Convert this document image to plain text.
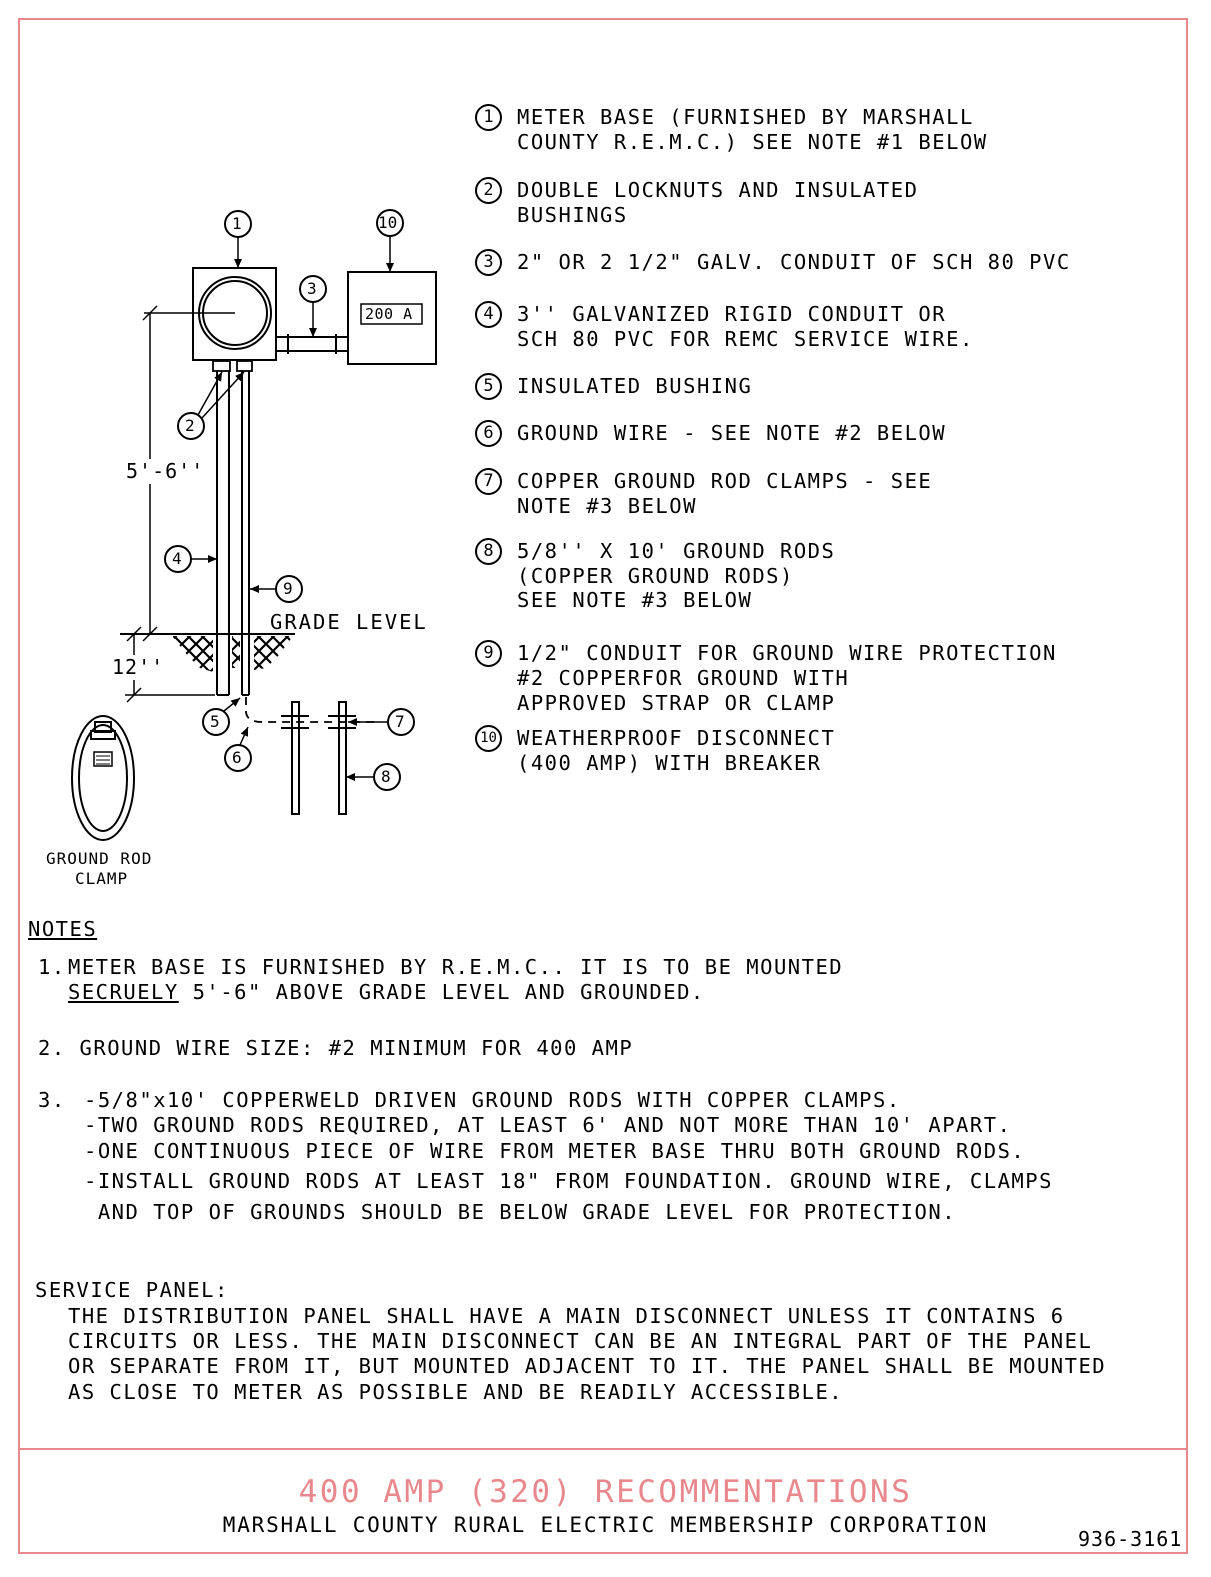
1	10
3
2
4
9
5
6
7
8
200 A
5'-6''
12''
GRADE LEVEL
GROUND ROD
CLAMP
1	METER BASE (FURNISHED BY MARSHALL
COUNTY R.E.M.C.) SEE NOTE #1 BELOW
2	DOUBLE LOCKNUTS AND INSULATED
BUSHINGS
3	2" OR 2 1/2" GALV. CONDUIT OF SCH 80 PVC
4	3'' GALVANIZED RIGID CONDUIT OR
SCH 80 PVC FOR REMC SERVICE WIRE.
5	INSULATED BUSHING
6	GROUND WIRE - SEE NOTE #2 BELOW
7	COPPER GROUND ROD CLAMPS - SEE
NOTE #3 BELOW
8	5/8'' X 10' GROUND RODS
(COPPER GROUND RODS)
SEE NOTE #3 BELOW
9	1/2" CONDUIT FOR GROUND WIRE PROTECTION
#2 COPPERFOR GROUND WITH
APPROVED STRAP OR CLAMP
10 WEATHERPROOF DISCONNECT
(400 AMP) WITH BREAKER
NOTES
1. METER BASE IS FURNISHED BY R.E.M.C.. IT IS TO BE MOUNTED
SECRUELY 5'-6" ABOVE GRADE LEVEL AND GROUNDED.
2. GROUND WIRE SIZE: #2 MINIMUM FOR 400 AMP
3. -5/8"x10' COPPERWELD DRIVEN GROUND RODS WITH COPPER CLAMPS.
-TWO GROUND RODS REQUIRED, AT LEAST 6' AND NOT MORE THAN 10' APART.
-ONE CONTINUOUS PIECE OF WIRE FROM METER BASE THRU BOTH GROUND RODS.
-INSTALL GROUND RODS AT LEAST 18" FROM FOUNDATION. GROUND WIRE, CLAMPS
AND TOP OF GROUNDS SHOULD BE BELOW GRADE LEVEL FOR PROTECTION.
SERVICE PANEL:
THE DISTRIBUTION PANEL SHALL HAVE A MAIN DISCONNECT UNLESS IT CONTAINS 6
CIRCUITS OR LESS. THE MAIN DISCONNECT CAN BE AN INTEGRAL PART OF THE PANEL
OR SEPARATE FROM IT, BUT MOUNTED ADJACENT TO IT. THE PANEL SHALL BE MOUNTED
AS CLOSE TO METER AS POSSIBLE AND BE READILY ACCESSIBLE.
400 AMP (320) RECOMMENTATIONS
MARSHALL COUNTY RURAL ELECTRIC MEMBERSHIP CORPORATION
936-3161
